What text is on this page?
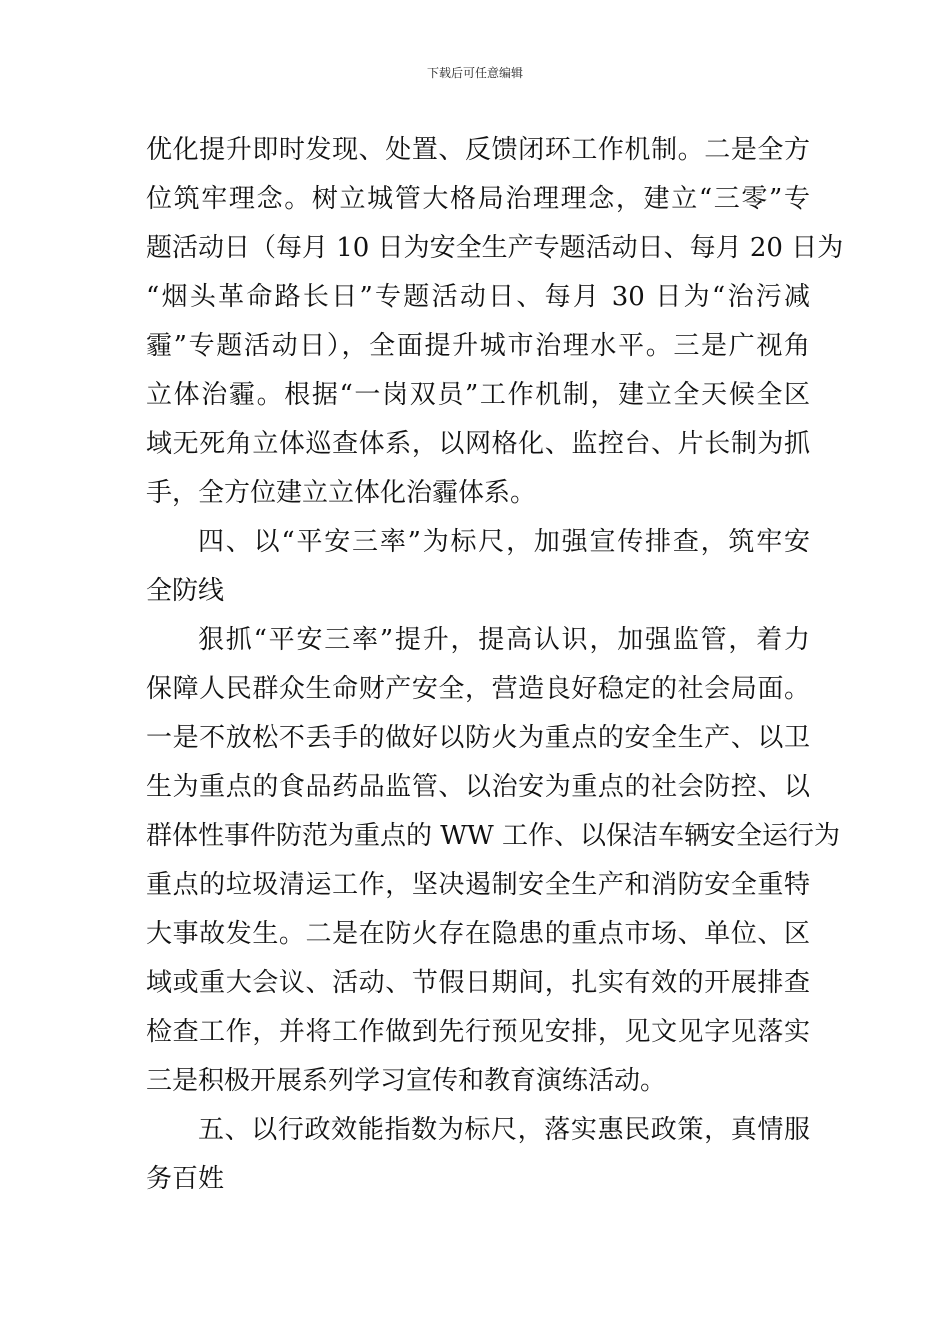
下载后可任意编辑
优化提升即时发现、处置、反馈闭环工作机制。二是全方
位筑牢理念。树立城管大格局治理理念，建立“三零”专
题活动日（每月 10 日为安全生产专题活动日、每月 20 日为
“烟头革命路长日”专题活动日、每月 30 日为“治污减
霾”专题活动日），全面提升城市治理水平。三是广视角
立体治霾。根据“一岗双员”工作机制，建立全天候全区
域无死角立体巡查体系，以网格化、监控台、片长制为抓
手，全方位建立立体化治霾体系。
四、以“平安三率”为标尺，加强宣传排查，筑牢安
全防线
狠抓“平安三率”提升，提高认识，加强监管，着力
保障人民群众生命财产安全，营造良好稳定的社会局面。
一是不放松不丢手的做好以防火为重点的安全生产、以卫
生为重点的食品药品监管、以治安为重点的社会防控、以
群体性事件防范为重点的 WW 工作、以保洁车辆安全运行为
重点的垃圾清运工作，坚决遏制安全生产和消防安全重特
大事故发生。二是在防火存在隐患的重点市场、单位、区
域或重大会议、活动、节假日期间，扎实有效的开展排查
检查工作，并将工作做到先行预见安排，见文见字见落实
三是积极开展系列学习宣传和教育演练活动。
五、以行政效能指数为标尺，落实惠民政策，真情服
务百姓
